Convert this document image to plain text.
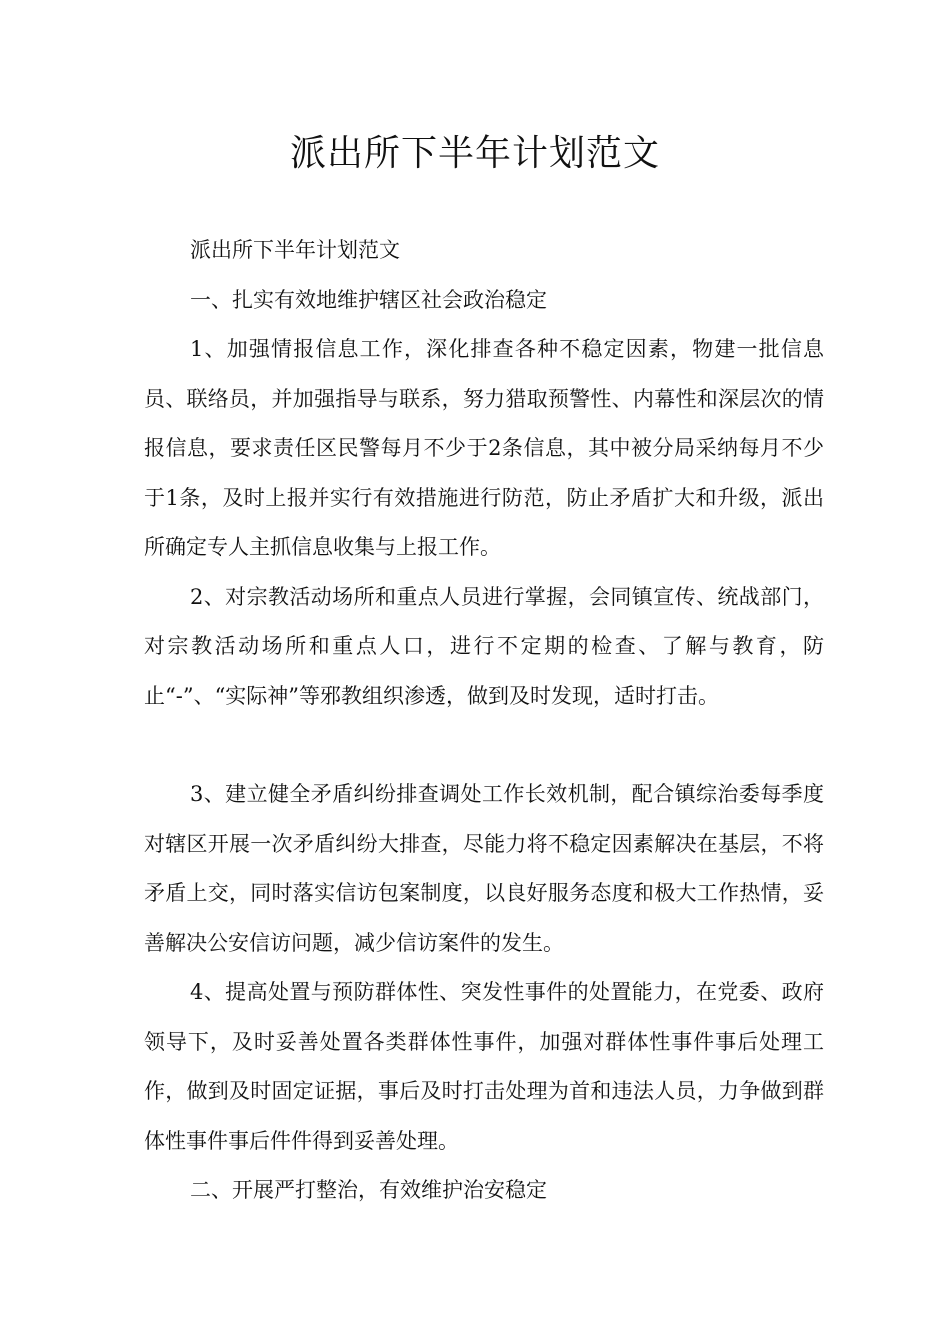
派出所下半年计划范文

派出所下半年计划范文

一、扎实有效地维护辖区社会政治稳定

1、加强情报信息工作，深化排查各种不稳定因素，物建一批信息员、联络员，并加强指导与联系，努力猎取预警性、内幕性和深层次的情报信息，要求责任区民警每月不少于2条信息，其中被分局采纳每月不少于1条，及时上报并实行有效措施进行防范，防止矛盾扩大和升级，派出所确定专人主抓信息收集与上报工作。

2、对宗教活动场所和重点人员进行掌握，会同镇宣传、统战部门，对宗教活动场所和重点人口，进行不定期的检查、了解与教育，防止“-”、“实际神”等邪教组织渗透，做到及时发现，适时打击。

3、建立健全矛盾纠纷排查调处工作长效机制，配合镇综治委每季度对辖区开展一次矛盾纠纷大排查，尽能力将不稳定因素解决在基层，不将矛盾上交，同时落实信访包案制度，以良好服务态度和极大工作热情，妥善解决公安信访问题，减少信访案件的发生。

4、提高处置与预防群体性、突发性事件的处置能力，在党委、政府领导下，及时妥善处置各类群体性事件，加强对群体性事件事后处理工作，做到及时固定证据，事后及时打击处理为首和违法人员，力争做到群体性事件事后件件得到妥善处理。

二、开展严打整治，有效维护治安稳定
